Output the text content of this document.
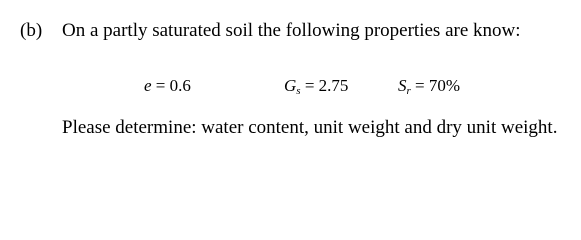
(b) On a partly saturated soil the following properties are know:
e = 0.6	$G_s = 2.75$	$S_r = 70\%$
Please determine: water content, unit weight and dry unit weight.
